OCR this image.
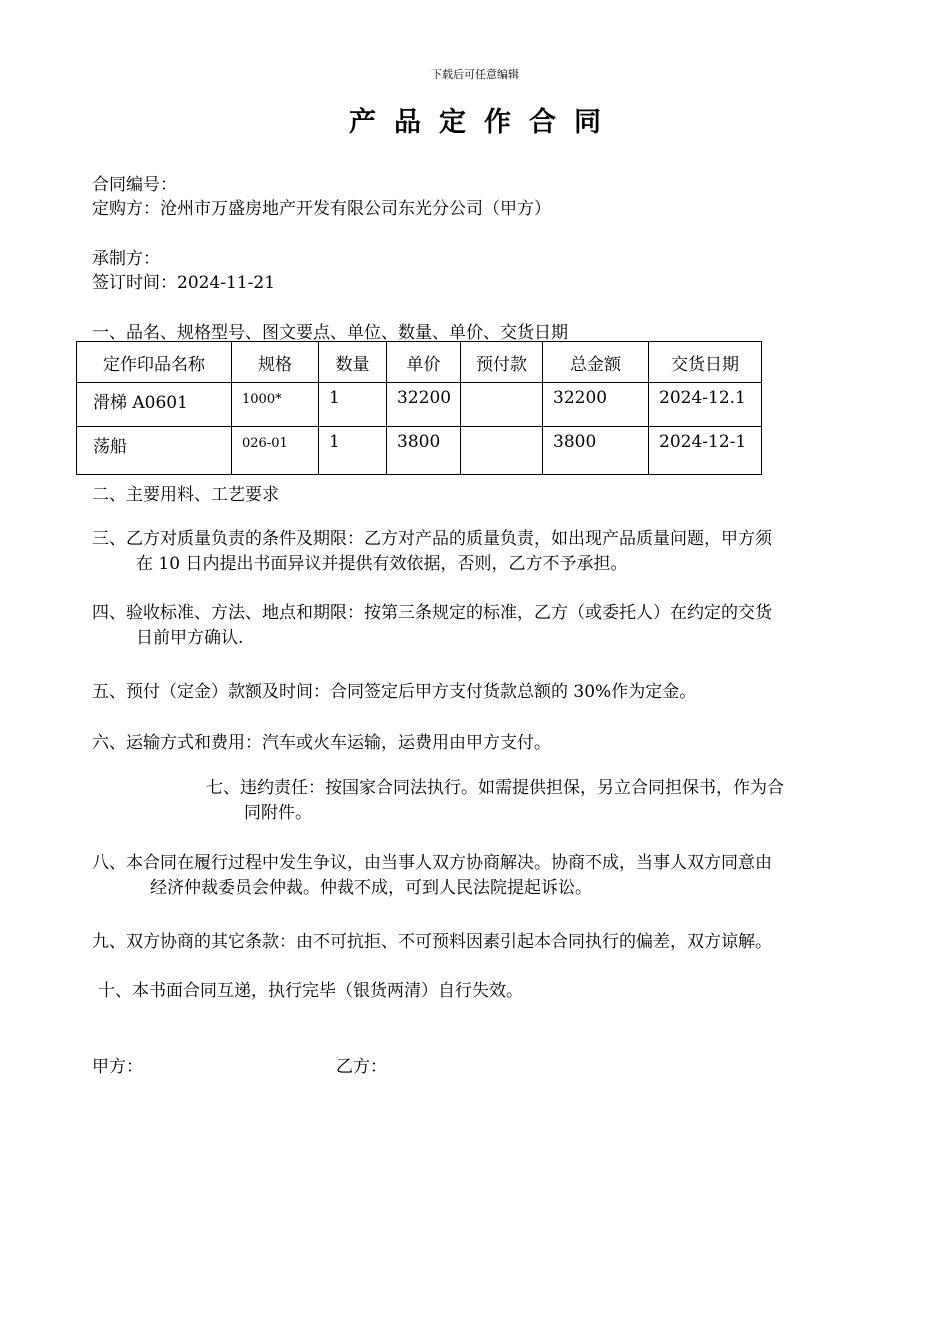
下载后可任意编辑
产品定作合同
合同编号：
定购方：沧州市万盛房地产开发有限公司东光分公司（甲方）
承制方：
签订时间：2024-11-21
一、品名、规格型号、图文要点、单位、数量、单价、交货日期
定作印品名称	规格	数量	单价	预付款	总金额	交货日期
滑梯 A0601	1000*	1	32200		32200	2024-12.1
荡船	026-01	1	3800		3800	2024-12-1
二、主要用料、工艺要求
三、乙方对质量负责的条件及期限：乙方对产品的质量负责，如出现产品质量问题，甲方须
在 10 日内提出书面异议并提供有效依据，否则，乙方不予承担。
四、验收标准、方法、地点和期限：按第三条规定的标准，乙方（或委托人）在约定的交货
日前甲方确认.
五、预付（定金）款额及时间：合同签定后甲方支付货款总额的 30%作为定金。
六、运输方式和费用：汽车或火车运输，运费用由甲方支付。
七、违约责任：按国家合同法执行。如需提供担保，另立合同担保书，作为合
同附件。
八、本合同在履行过程中发生争议，由当事人双方协商解决。协商不成，当事人双方同意由
经济仲裁委员会仲裁。仲裁不成，可到人民法院提起诉讼。
九、双方协商的其它条款：由不可抗拒、不可预料因素引起本合同执行的偏差，双方谅解。
十、本书面合同互递，执行完毕（银货两清）自行失效。
甲方：	乙方：
